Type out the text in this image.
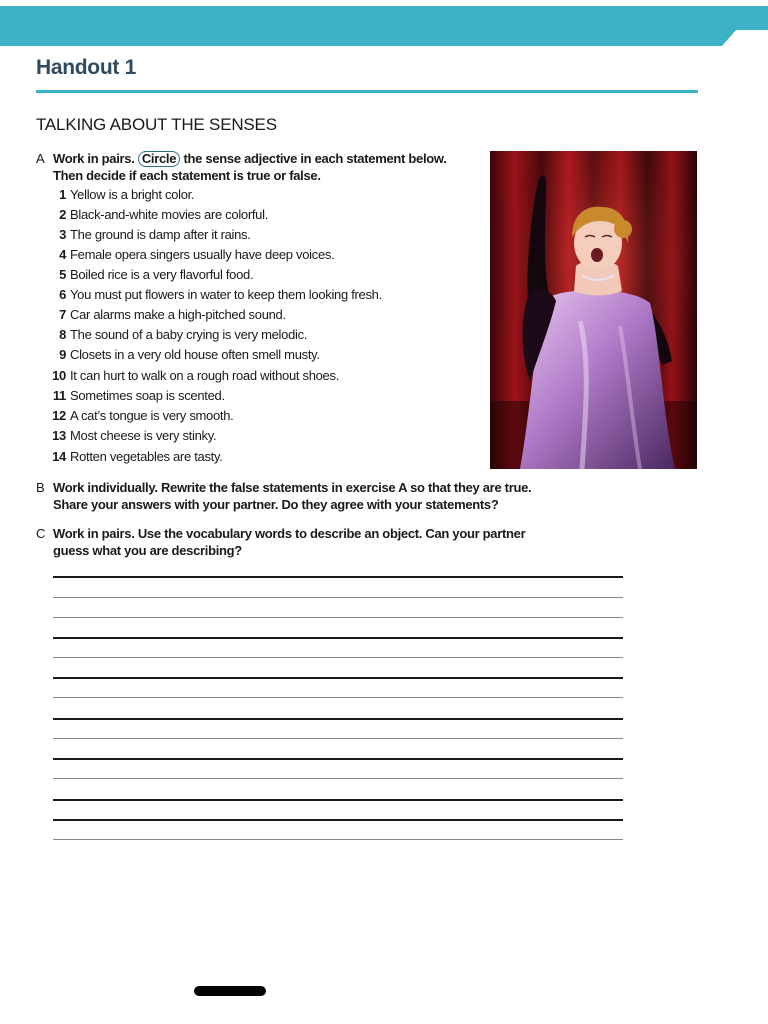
Handout 1
TALKING ABOUT THE SENSES
A Work in pairs. Circle the sense adjective in each statement below.
Then decide if each statement is true or false.
1 Yellow is a bright color.
2 Black-and-white movies are colorful.
3 The ground is damp after it rains.
4 Female opera singers usually have deep voices.
5 Boiled rice is a very flavorful food.
6 You must put flowers in water to keep them looking fresh.
7 Car alarms make a high-pitched sound.
8 The sound of a baby crying is very melodic.
9 Closets in a very old house often smell musty.
10 It can hurt to walk on a rough road without shoes.
11 Sometimes soap is scented.
12 A cat’s tongue is very smooth.
13 Most cheese is very stinky.
14 Rotten vegetables are tasty.
B Work individually. Rewrite the false statements in exercise A so that they are true.
Share your answers with your partner. Do they agree with your statements?
C Work in pairs. Use the vocabulary words to describe an object. Can your partner
guess what you are describing?
